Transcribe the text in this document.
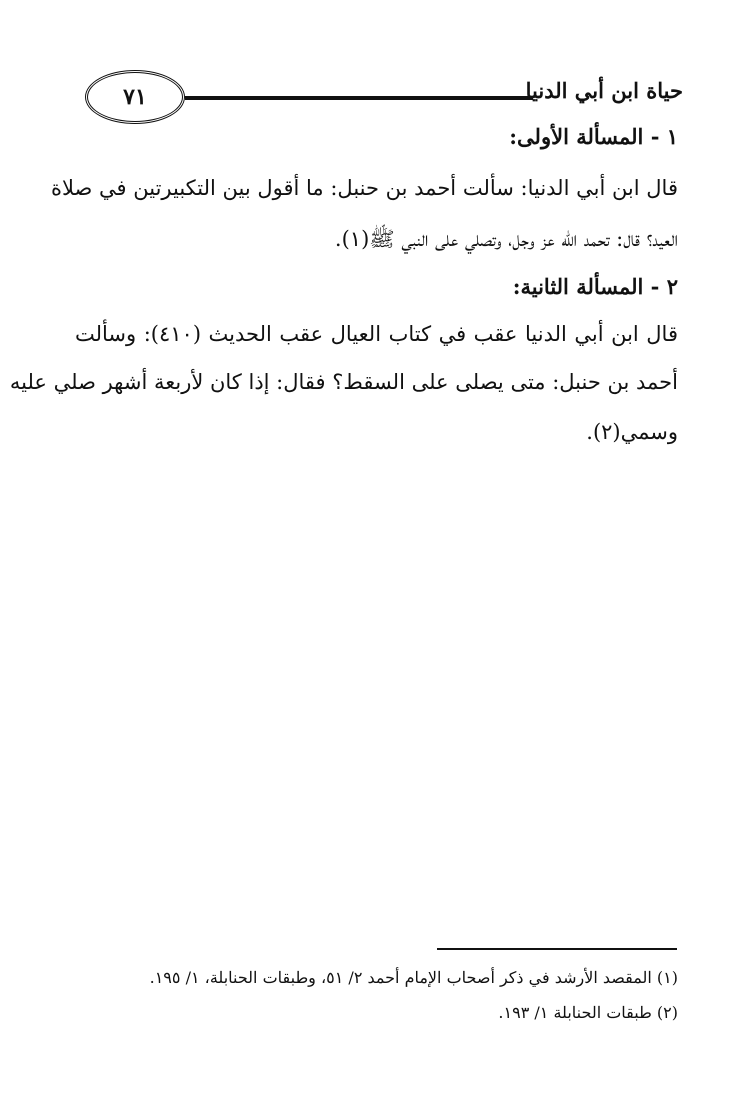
٧١	حياة ابن أبي الدنيا
١ - المسألة الأولى:
قال ابن أبي الدنيا: سألت أحمد بن حنبل: ما أقول بين التكبيرتين في صلاة
العيد؟ قال: تحمد الله عز وجل، وتصلي على النبي ﷺ(١).
٢ - المسألة الثانية:
قال ابن أبي الدنيا عقب في كتاب العيال عقب الحديث (٤١٠): وسألت
أحمد بن حنبل: متى يصلى على السقط؟ فقال: إذا كان لأربعة أشهر صلي عليه
وسمي(٢).
(١) المقصد الأرشد في ذكر أصحاب الإمام أحمد ٢/ ٥١، وطبقات الحنابلة، ١/ ١٩٥.
(٢) طبقات الحنابلة ١/ ١٩٣.
